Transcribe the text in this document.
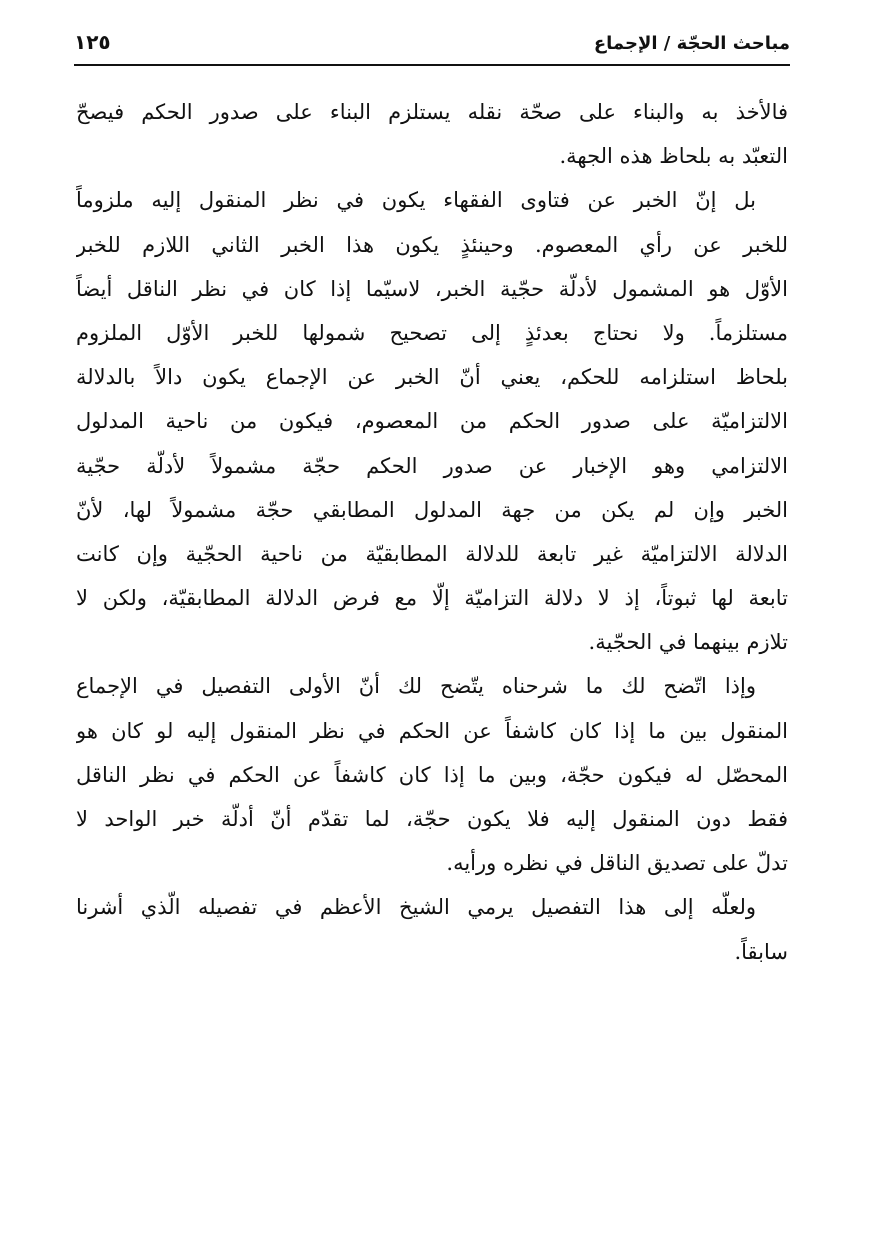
مباحث الحجّة / الإجماع
١٢٥
فالأخذ به والبناء على صحّة نقله يستلزم البناء على صدور الحكم فيصحّ
التعبّد به بلحاظ هذه الجهة.
بل إنّ الخبر عن فتاوى الفقهاء يكون في نظر المنقول إليه ملزوماً
للخبر عن رأي المعصوم. وحينئذٍ يكون هذا الخبر الثاني اللازم للخبر
الأوّل هو المشمول لأدلّة حجّية الخبر، لاسيّما إذا كان في نظر الناقل أيضاً
مستلزماً. ولا نحتاج بعدئذٍ إلى تصحيح شمولها للخبر الأوّل الملزوم
بلحاظ استلزامه للحكم، يعني أنّ الخبر عن الإجماع يكون دالاً بالدلالة
الالتزاميّة على صدور الحكم من المعصوم، فيكون من ناحية المدلول
الالتزامي وهو الإخبار عن صدور الحكم حجّة مشمولاً لأدلّة حجّية
الخبر وإن لم يكن من جهة المدلول المطابقي حجّة مشمولاً لها، لأنّ
الدلالة الالتزاميّة غير تابعة للدلالة المطابقيّة من ناحية الحجّية وإن كانت
تابعة لها ثبوتاً، إذ لا دلالة التزاميّة إلّا مع فرض الدلالة المطابقيّة، ولكن لا
تلازم بينهما في الحجّية.
وإذا اتّضح لك ما شرحناه يتّضح لك أنّ الأولى التفصيل في الإجماع
المنقول بين ما إذا كان كاشفاً عن الحكم في نظر المنقول إليه لو كان هو
المحصّل له فيكون حجّة، وبين ما إذا كان كاشفاً عن الحكم في نظر الناقل
فقط دون المنقول إليه فلا يكون حجّة، لما تقدّم أنّ أدلّة خبر الواحد لا
تدلّ على تصديق الناقل في نظره ورأيه.
ولعلّه إلى هذا التفصيل يرمي الشيخ الأعظم في تفصيله الّذي أشرنا
سابقاً.
